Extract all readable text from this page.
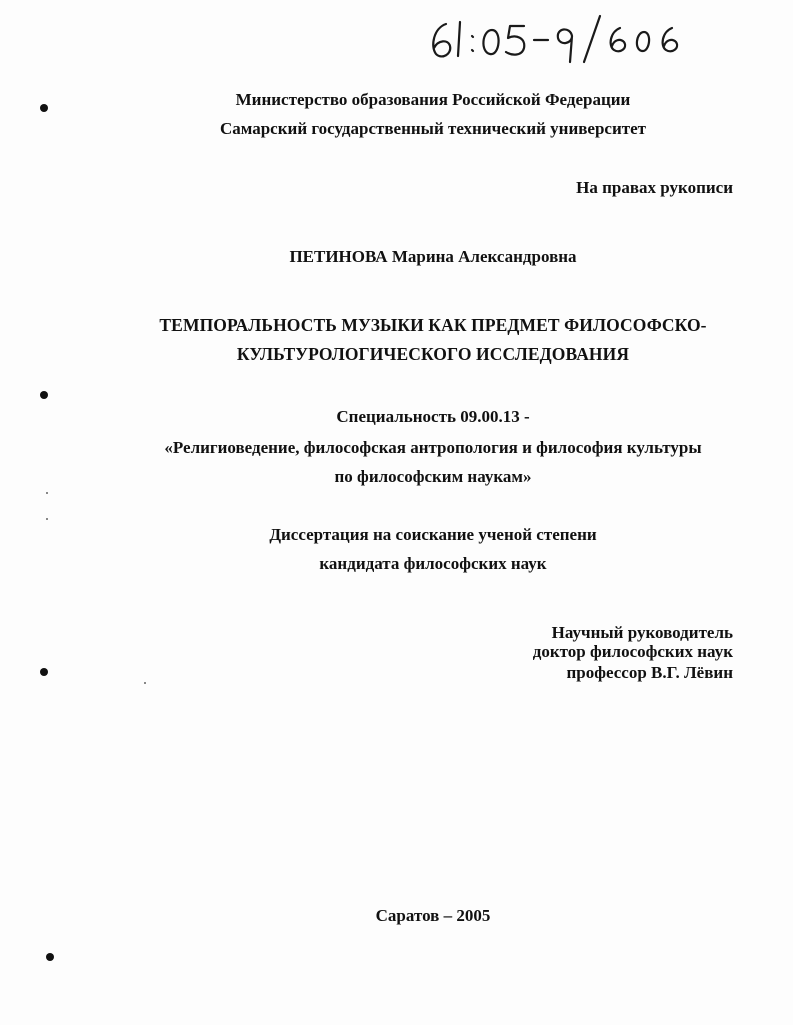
Министерство образования Российской Федерации
Самарский государственный технический университет
На правах рукописи
ПЕТИНОВА Марина Александровна
ТЕМПОРАЛЬНОСТЬ МУЗЫКИ КАК ПРЕДМЕТ ФИЛОСОФСКО-
КУЛЬТУРОЛОГИЧЕСКОГО ИССЛЕДОВАНИЯ
Специальность 09.00.13 -
«Религиоведение, философская антропология и философия культуры
по философским наукам»
Диссертация на соискание ученой степени
кандидата философских наук
Научный руководитель
доктор философских наук
профессор В.Г. Лёвин
Саратов – 2005
